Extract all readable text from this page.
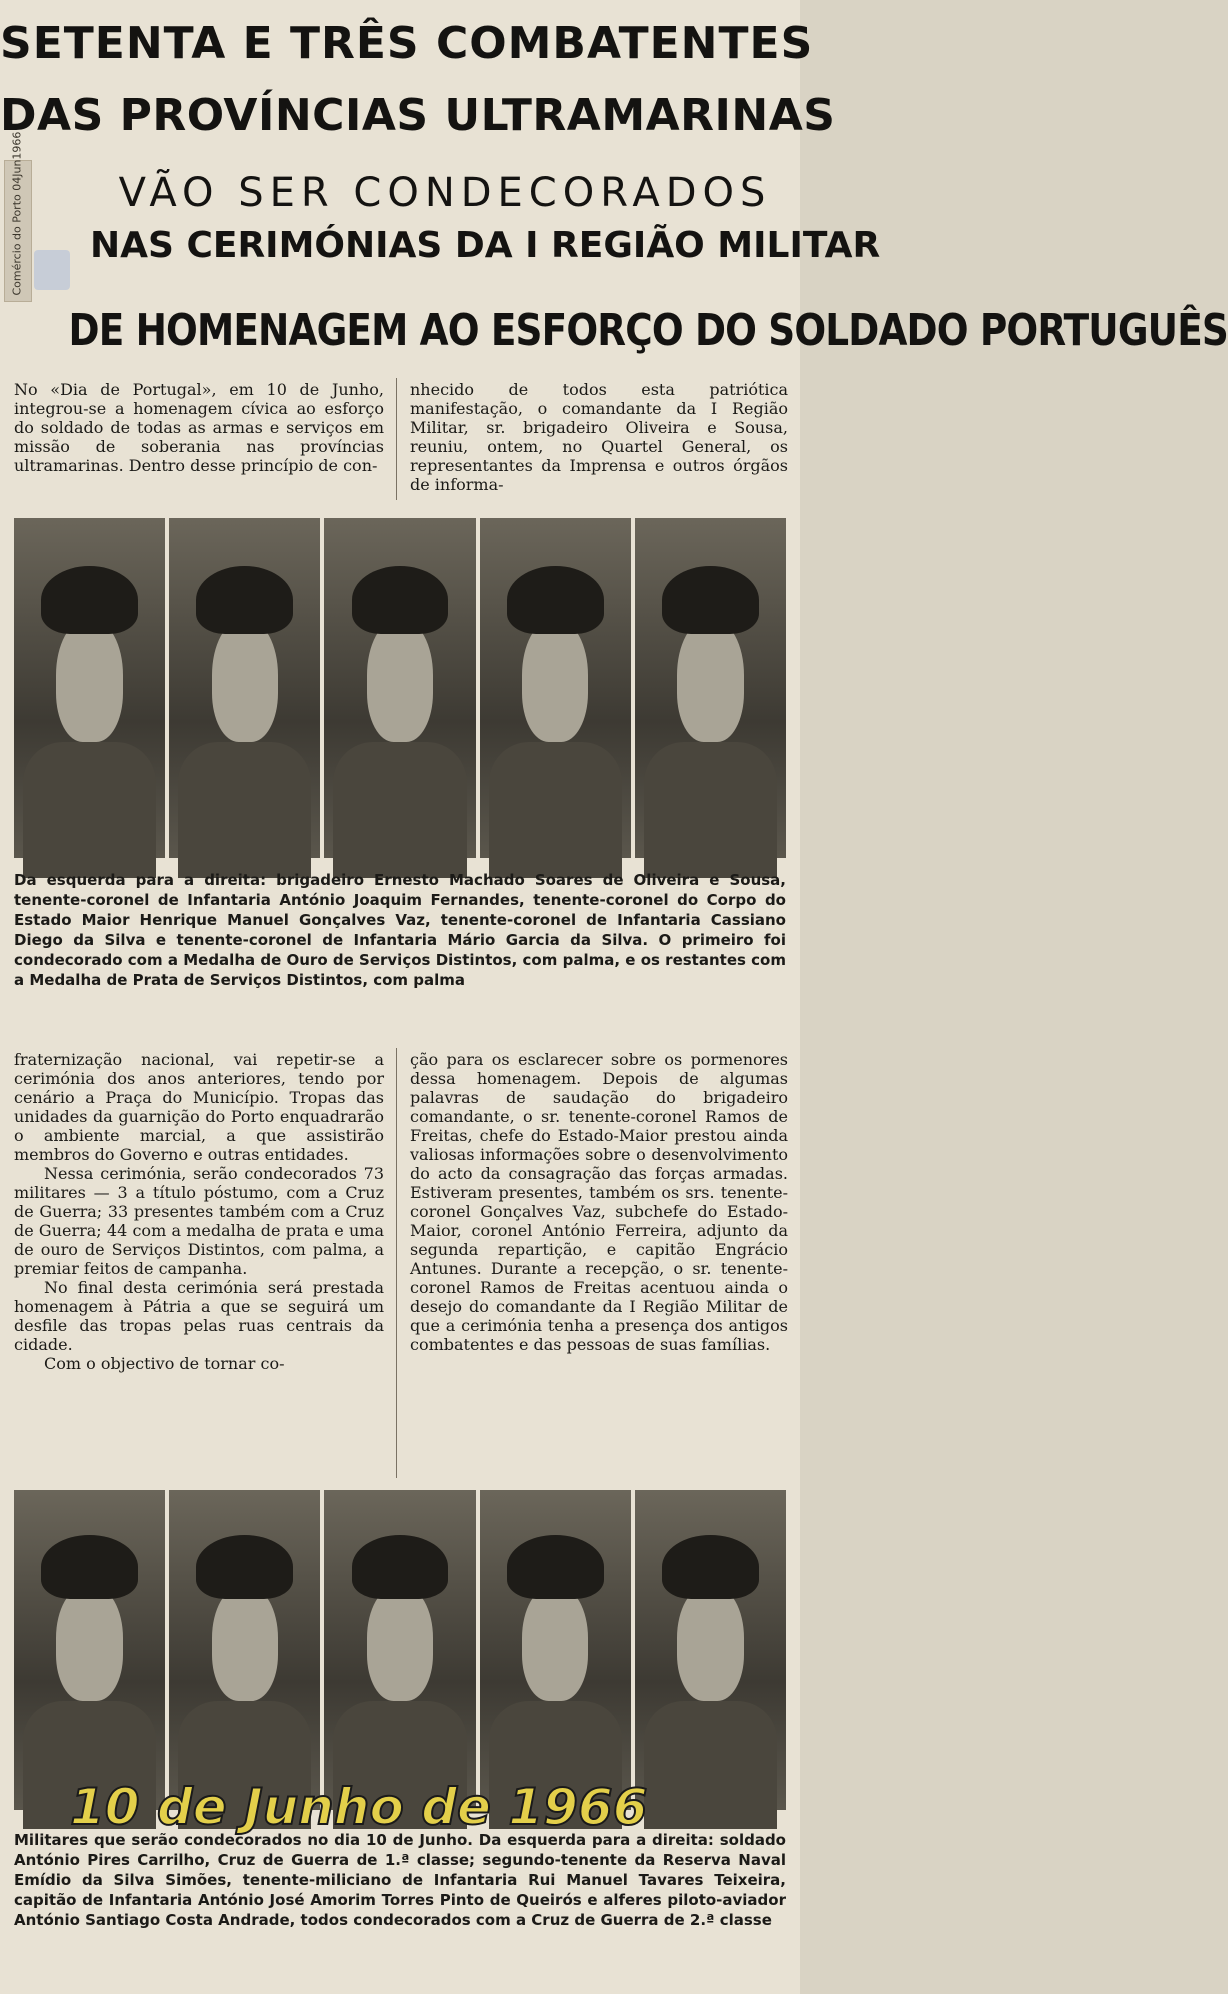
Comércio do Porto 04Jun1966
SETENTA E TRÊS COMBATENTES
DAS PROVÍNCIAS ULTRAMARINAS
VÃO SER CONDECORADOS
NAS CERIMÓNIAS DA I REGIÃO MILITAR
DE HOMENAGEM AO ESFORÇO DO SOLDADO PORTUGUÊS

No «Dia de Portugal», em 10 de Junho, integrou-se a homenagem cívica ao esforço do soldado de todas as armas e serviços em missão de soberania nas províncias ultramarinas. Dentro desse princípio de con-

nhecido de todos esta patriótica manifestação, o comandante da I Região Militar, sr. brigadeiro Oliveira e Sousa, reuniu, ontem, no Quartel General, os representantes da Imprensa e outros órgãos de informa-

Da esquerda para a direita: brigadeiro Ernesto Machado Soares de Oliveira e Sousa, tenente-coronel de Infantaria António Joaquim Fernandes, tenente-coronel do Corpo do Estado Maior Henrique Manuel Gonçalves Vaz, tenente-coronel de Infantaria Cassiano Diego da Silva e tenente-coronel de Infantaria Mário Garcia da Silva. O primeiro foi condecorado com a Medalha de Ouro de Serviços Distintos, com palma, e os restantes com a Medalha de Prata de Serviços Distintos, com palma

fraternização nacional, vai repetir-se a cerimónia dos anos anteriores, tendo por cenário a Praça do Município. Tropas das unidades da guarnição do Porto enquadrarão o ambiente marcial, a que assistirão membros do Governo e outras entidades.

Nessa cerimónia, serão condecorados 73 militares — 3 a título póstumo, com a Cruz de Guerra; 33 presentes também com a Cruz de Guerra; 44 com a medalha de prata e uma de ouro de Serviços Distintos, com palma, a premiar feitos de campanha.

No final desta cerimónia será prestada homenagem à Pátria a que se seguirá um desfile das tropas pelas ruas centrais da cidade.

Com o objectivo de tornar co-

ção para os esclarecer sobre os pormenores dessa homenagem. Depois de algumas palavras de saudação do brigadeiro comandante, o sr. tenente-coronel Ramos de Freitas, chefe do Estado-Maior prestou ainda valiosas informações sobre o desenvolvimento do acto da consagração das forças armadas. Estiveram presentes, também os srs. tenente-coronel Gonçalves Vaz, subchefe do Estado-Maior, coronel António Ferreira, adjunto da segunda repartição, e capitão Engrácio Antunes. Durante a recepção, o sr. tenente-coronel Ramos de Freitas acentuou ainda o desejo do comandante da I Região Militar de que a cerimónia tenha a presença dos antigos combatentes e das pessoas de suas famílias.

10 de Junho de 1966
Militares que serão condecorados no dia 10 de Junho. Da esquerda para a direita: soldado António Pires Carrilho, Cruz de Guerra de 1.ª classe; segundo-tenente da Reserva Naval Emídio da Silva Simões, tenente-miliciano de Infantaria Rui Manuel Tavares Teixeira, capitão de Infantaria António José Amorim Torres Pinto de Queirós e alferes piloto-aviador António Santiago Costa Andrade, todos condecorados com a Cruz de Guerra de 2.ª classe
